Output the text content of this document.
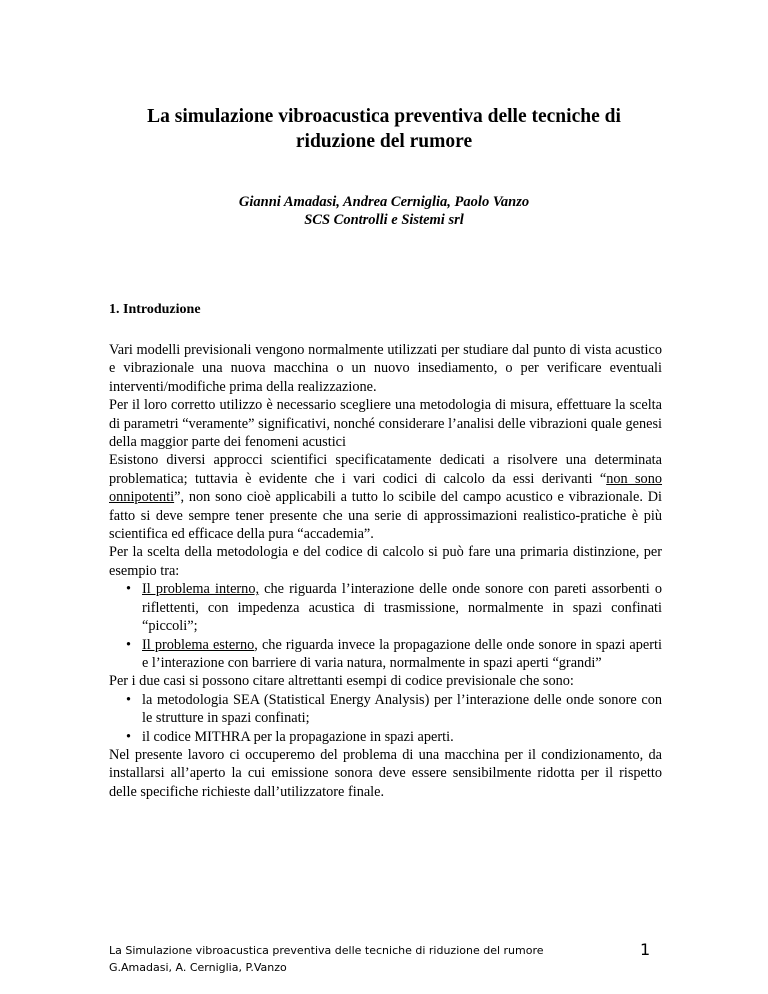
La simulazione vibroacustica preventiva delle tecniche di
riduzione del rumore
Gianni Amadasi, Andrea Cerniglia, Paolo Vanzo
SCS Controlli e Sistemi srl
1. Introduzione

Vari modelli previsionali vengono normalmente utilizzati per studiare dal punto di vista acustico e vibrazionale una nuova macchina o un nuovo insediamento, o per verificare eventuali interventi/modifiche prima della realizzazione.

Per il loro corretto utilizzo è necessario scegliere una metodologia di misura, effettuare la scelta di parametri “veramente” significativi, nonché considerare l’analisi delle vibrazioni quale genesi della maggior parte dei fenomeni acustici

Esistono diversi approcci scientifici specificatamente dedicati a risolvere una determinata problematica; tuttavia è evidente che i vari codici di calcolo da essi derivanti “non sono onnipotenti”, non sono cioè applicabili a tutto lo scibile del campo acustico e vibrazionale. Di fatto si deve sempre tener presente che una serie di approssimazioni realistico-pratiche è più scientifica ed efficace della pura “accademia”.

Per la scelta della metodologia e del codice di calcolo si può fare una primaria distinzione, per esempio tra:

• Il problema interno, che riguarda l’interazione delle onde sonore con pareti assorbenti o riflettenti, con impedenza acustica di trasmissione, normalmente in spazi confinati “piccoli”;
• Il problema esterno, che riguarda invece la propagazione delle onde sonore in spazi aperti e l’interazione con barriere di varia natura, normalmente in spazi aperti “grandi”

Per i due casi si possono citare altrettanti esempi di codice previsionale che sono:

• la metodologia SEA (Statistical Energy Analysis) per l’interazione delle onde sonore con le strutture in spazi confinati;
• il codice MITHRA per la propagazione in spazi aperti.

Nel presente lavoro ci occuperemo del problema di una macchina per il condizionamento, da installarsi all’aperto la cui emissione sonora deve essere sensibilmente ridotta per il rispetto delle specifiche richieste dall’utilizzatore finale.

La Simulazione vibroacustica preventiva delle tecniche di riduzione del rumore
G.Amadasi, A. Cerniglia, P.Vanzo
1
